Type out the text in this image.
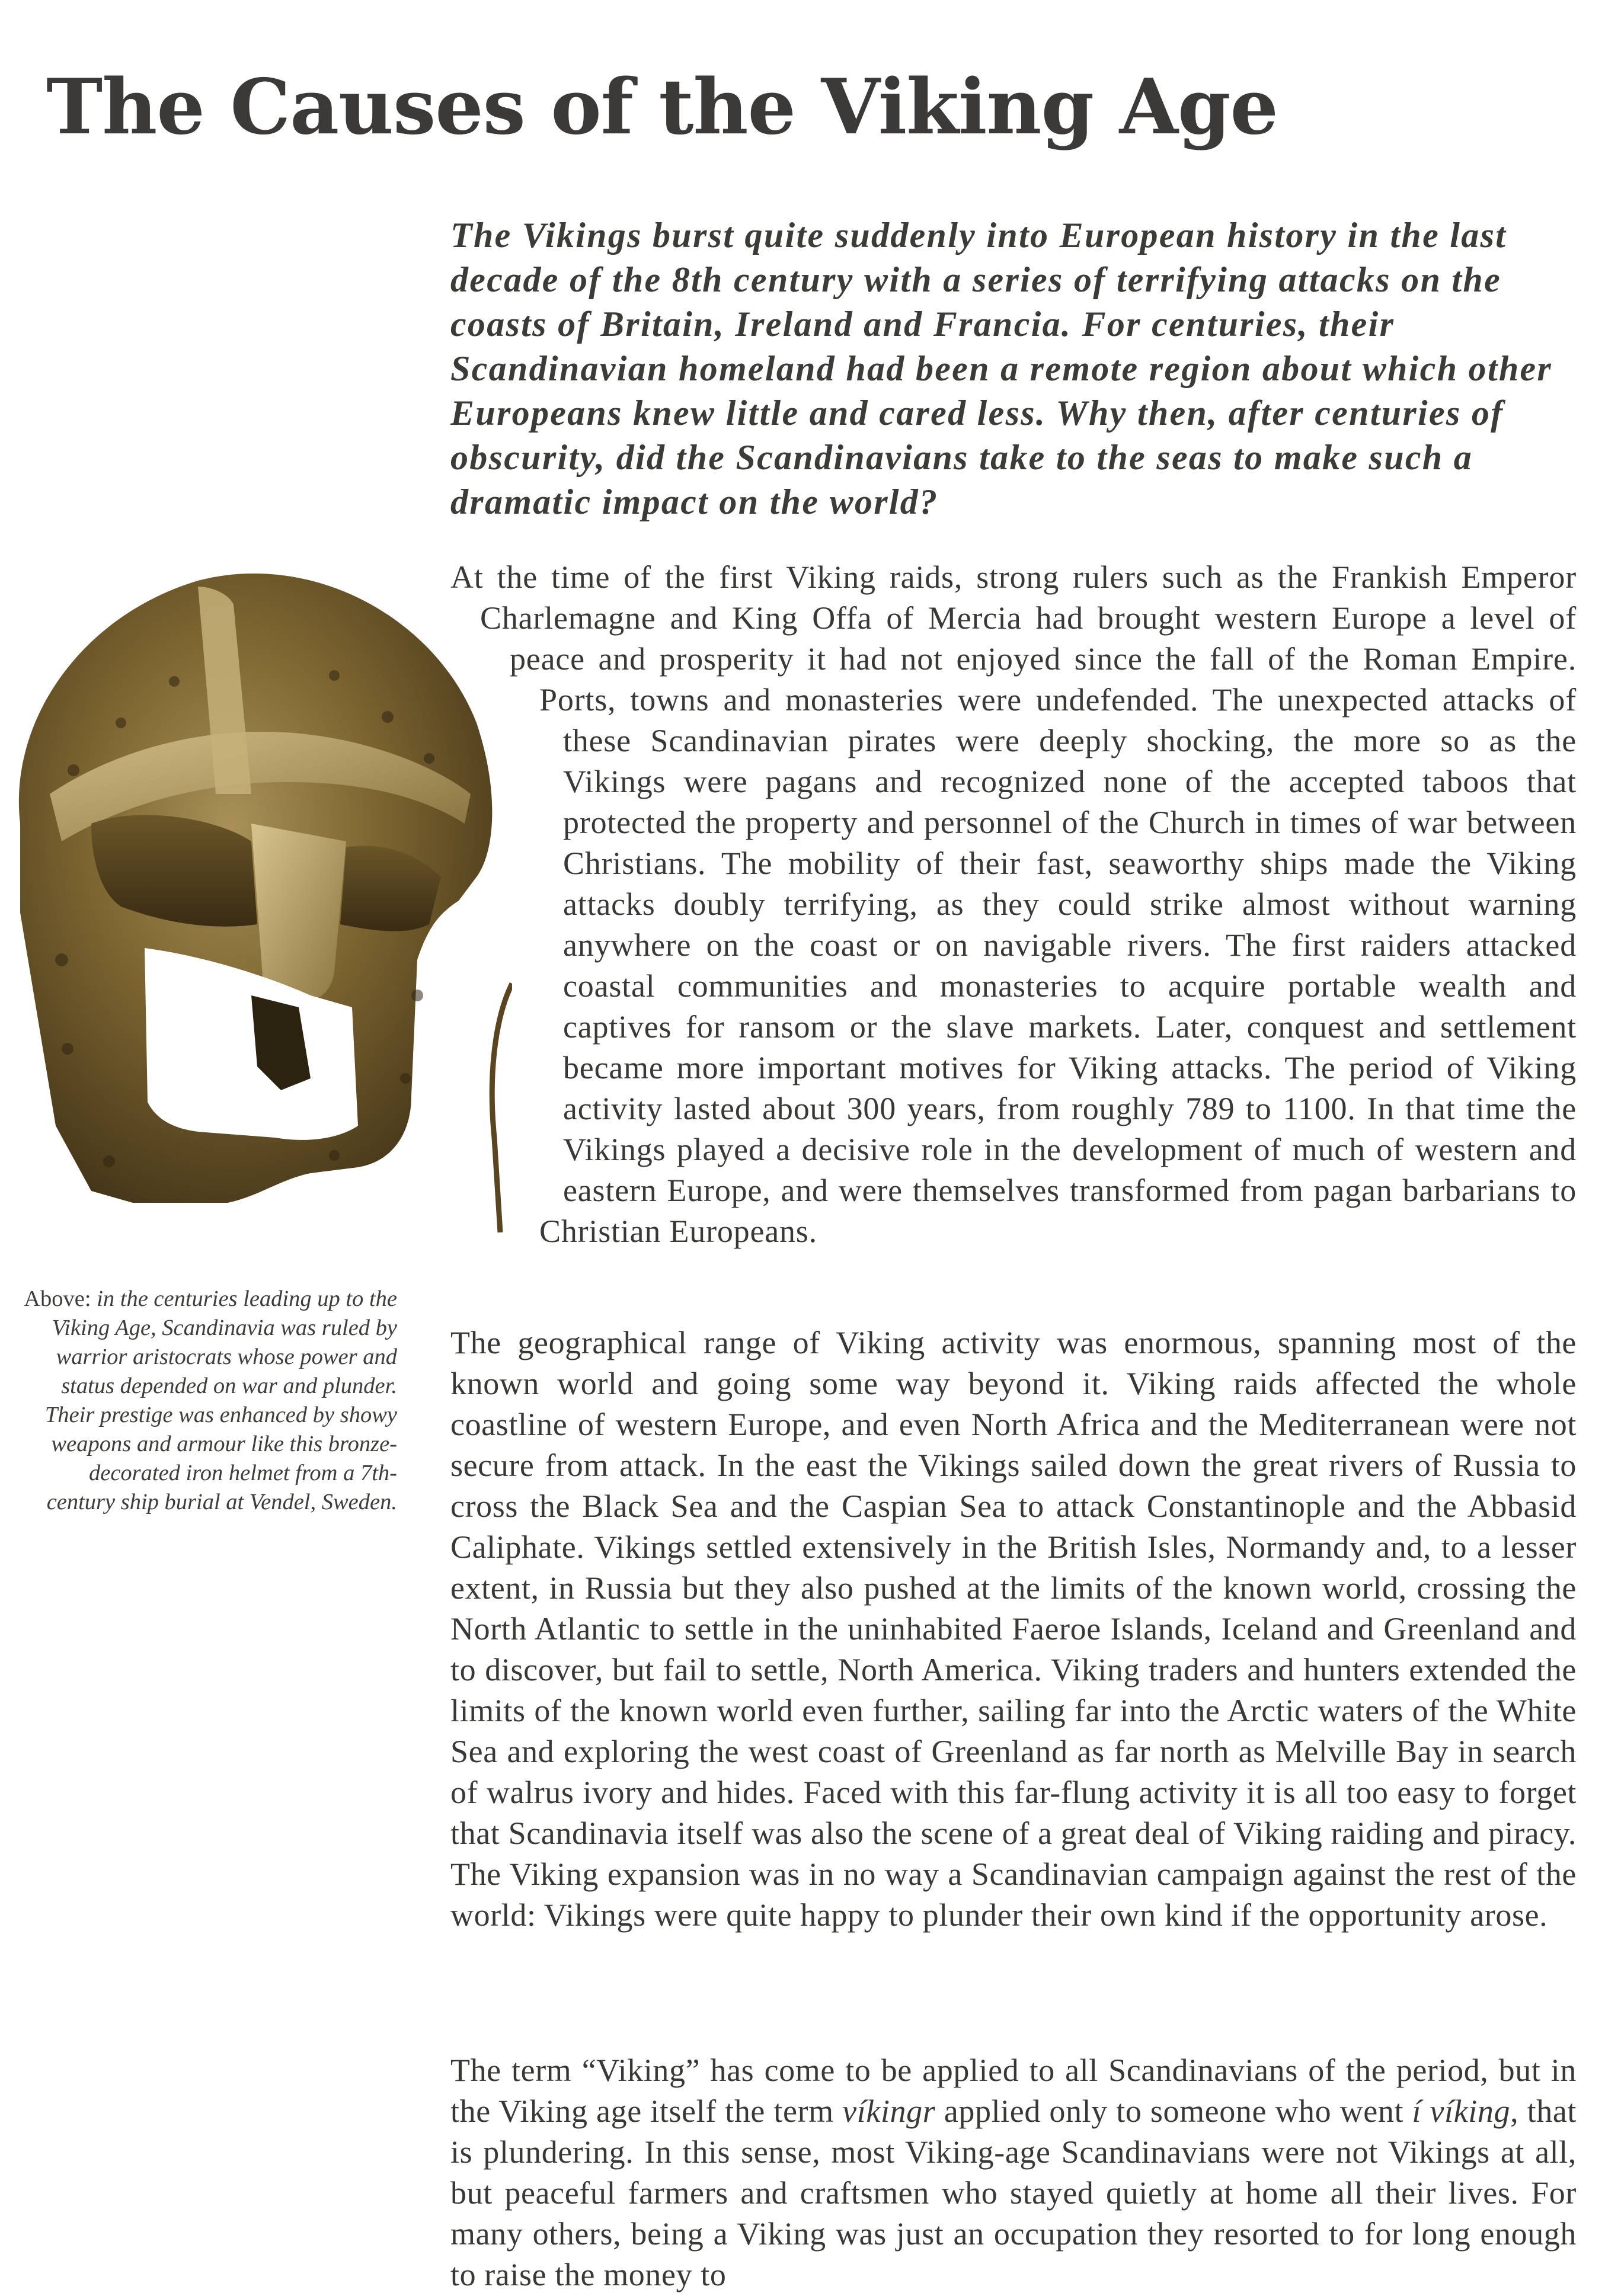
The Causes of the Viking Age

The Vikings burst quite suddenly into European history in the last decade of the 8th century with a series of terrifying attacks on the coasts of Britain, Ireland and Francia. For centuries, their Scandinavian homeland had been a remote region about which other Europeans knew little and cared less. Why then, after centuries of obscurity, did the Scandinavians take to the seas to make such a dramatic impact on the world?

Above: in the centuries leading up to the Viking Age, Scandinavia was ruled by warrior aristocrats whose power and status depended on war and plunder. Their prestige was enhanced by showy weapons and armour like this bronze-decorated iron helmet from a 7th-century ship burial at Vendel, Sweden.

At the time of the first Viking raids, strong rulers such as the Frankish Emperor Charlemagne and King Offa of Mercia had brought western Europe a level of peace and prosperity it had not enjoyed since the fall of the Roman Empire. Ports, towns and monasteries were undefended. The unexpected attacks of these Scandinavian pirates were deeply shocking, the more so as the Vikings were pagans and recognized none of the accepted taboos that protected the property and personnel of the Church in times of war between Christians. The mobility of their fast, seaworthy ships made the Viking attacks doubly terrifying, as they could strike almost without warning anywhere on the coast or on navigable rivers. The first raiders attacked coastal communities and monasteries to acquire portable wealth and captives for ransom or the slave markets. Later, conquest and settlement became more important motives for Viking attacks. The period of Viking activity lasted about 300 years, from roughly 789 to 1100. In that time the Vikings played a decisive role in the development of much of western and eastern Europe, and were themselves transformed from pagan barbarians to Christian Europeans.

The geographical range of Viking activity was enormous, spanning most of the known world and going some way beyond it. Viking raids affected the whole coastline of western Europe, and even North Africa and the Mediterranean were not secure from attack. In the east the Vikings sailed down the great rivers of Russia to cross the Black Sea and the Caspian Sea to attack Constantinople and the Abbasid Caliphate. Vikings settled extensively in the British Isles, Normandy and, to a lesser extent, in Russia but they also pushed at the limits of the known world, crossing the North Atlantic to settle in the uninhabited Faeroe Islands, Iceland and Greenland and to discover, but fail to settle, North America. Viking traders and hunters extended the limits of the known world even further, sailing far into the Arctic waters of the White Sea and exploring the west coast of Greenland as far north as Melville Bay in search of walrus ivory and hides. Faced with this far-flung activity it is all too easy to forget that Scandinavia itself was also the scene of a great deal of Viking raiding and piracy. The Viking expansion was in no way a Scandinavian campaign against the rest of the world: Vikings were quite happy to plunder their own kind if the opportunity arose.

The term “Viking” has come to be applied to all Scandinavians of the period, but in the Viking age itself the term víkingr applied only to someone who went í víking, that is plundering. In this sense, most Viking-age Scandinavians were not Vikings at all, but peaceful farmers and craftsmen who stayed quietly at home all their lives. For many others, being a Viking was just an occupation they resorted to for long enough to raise the money to
